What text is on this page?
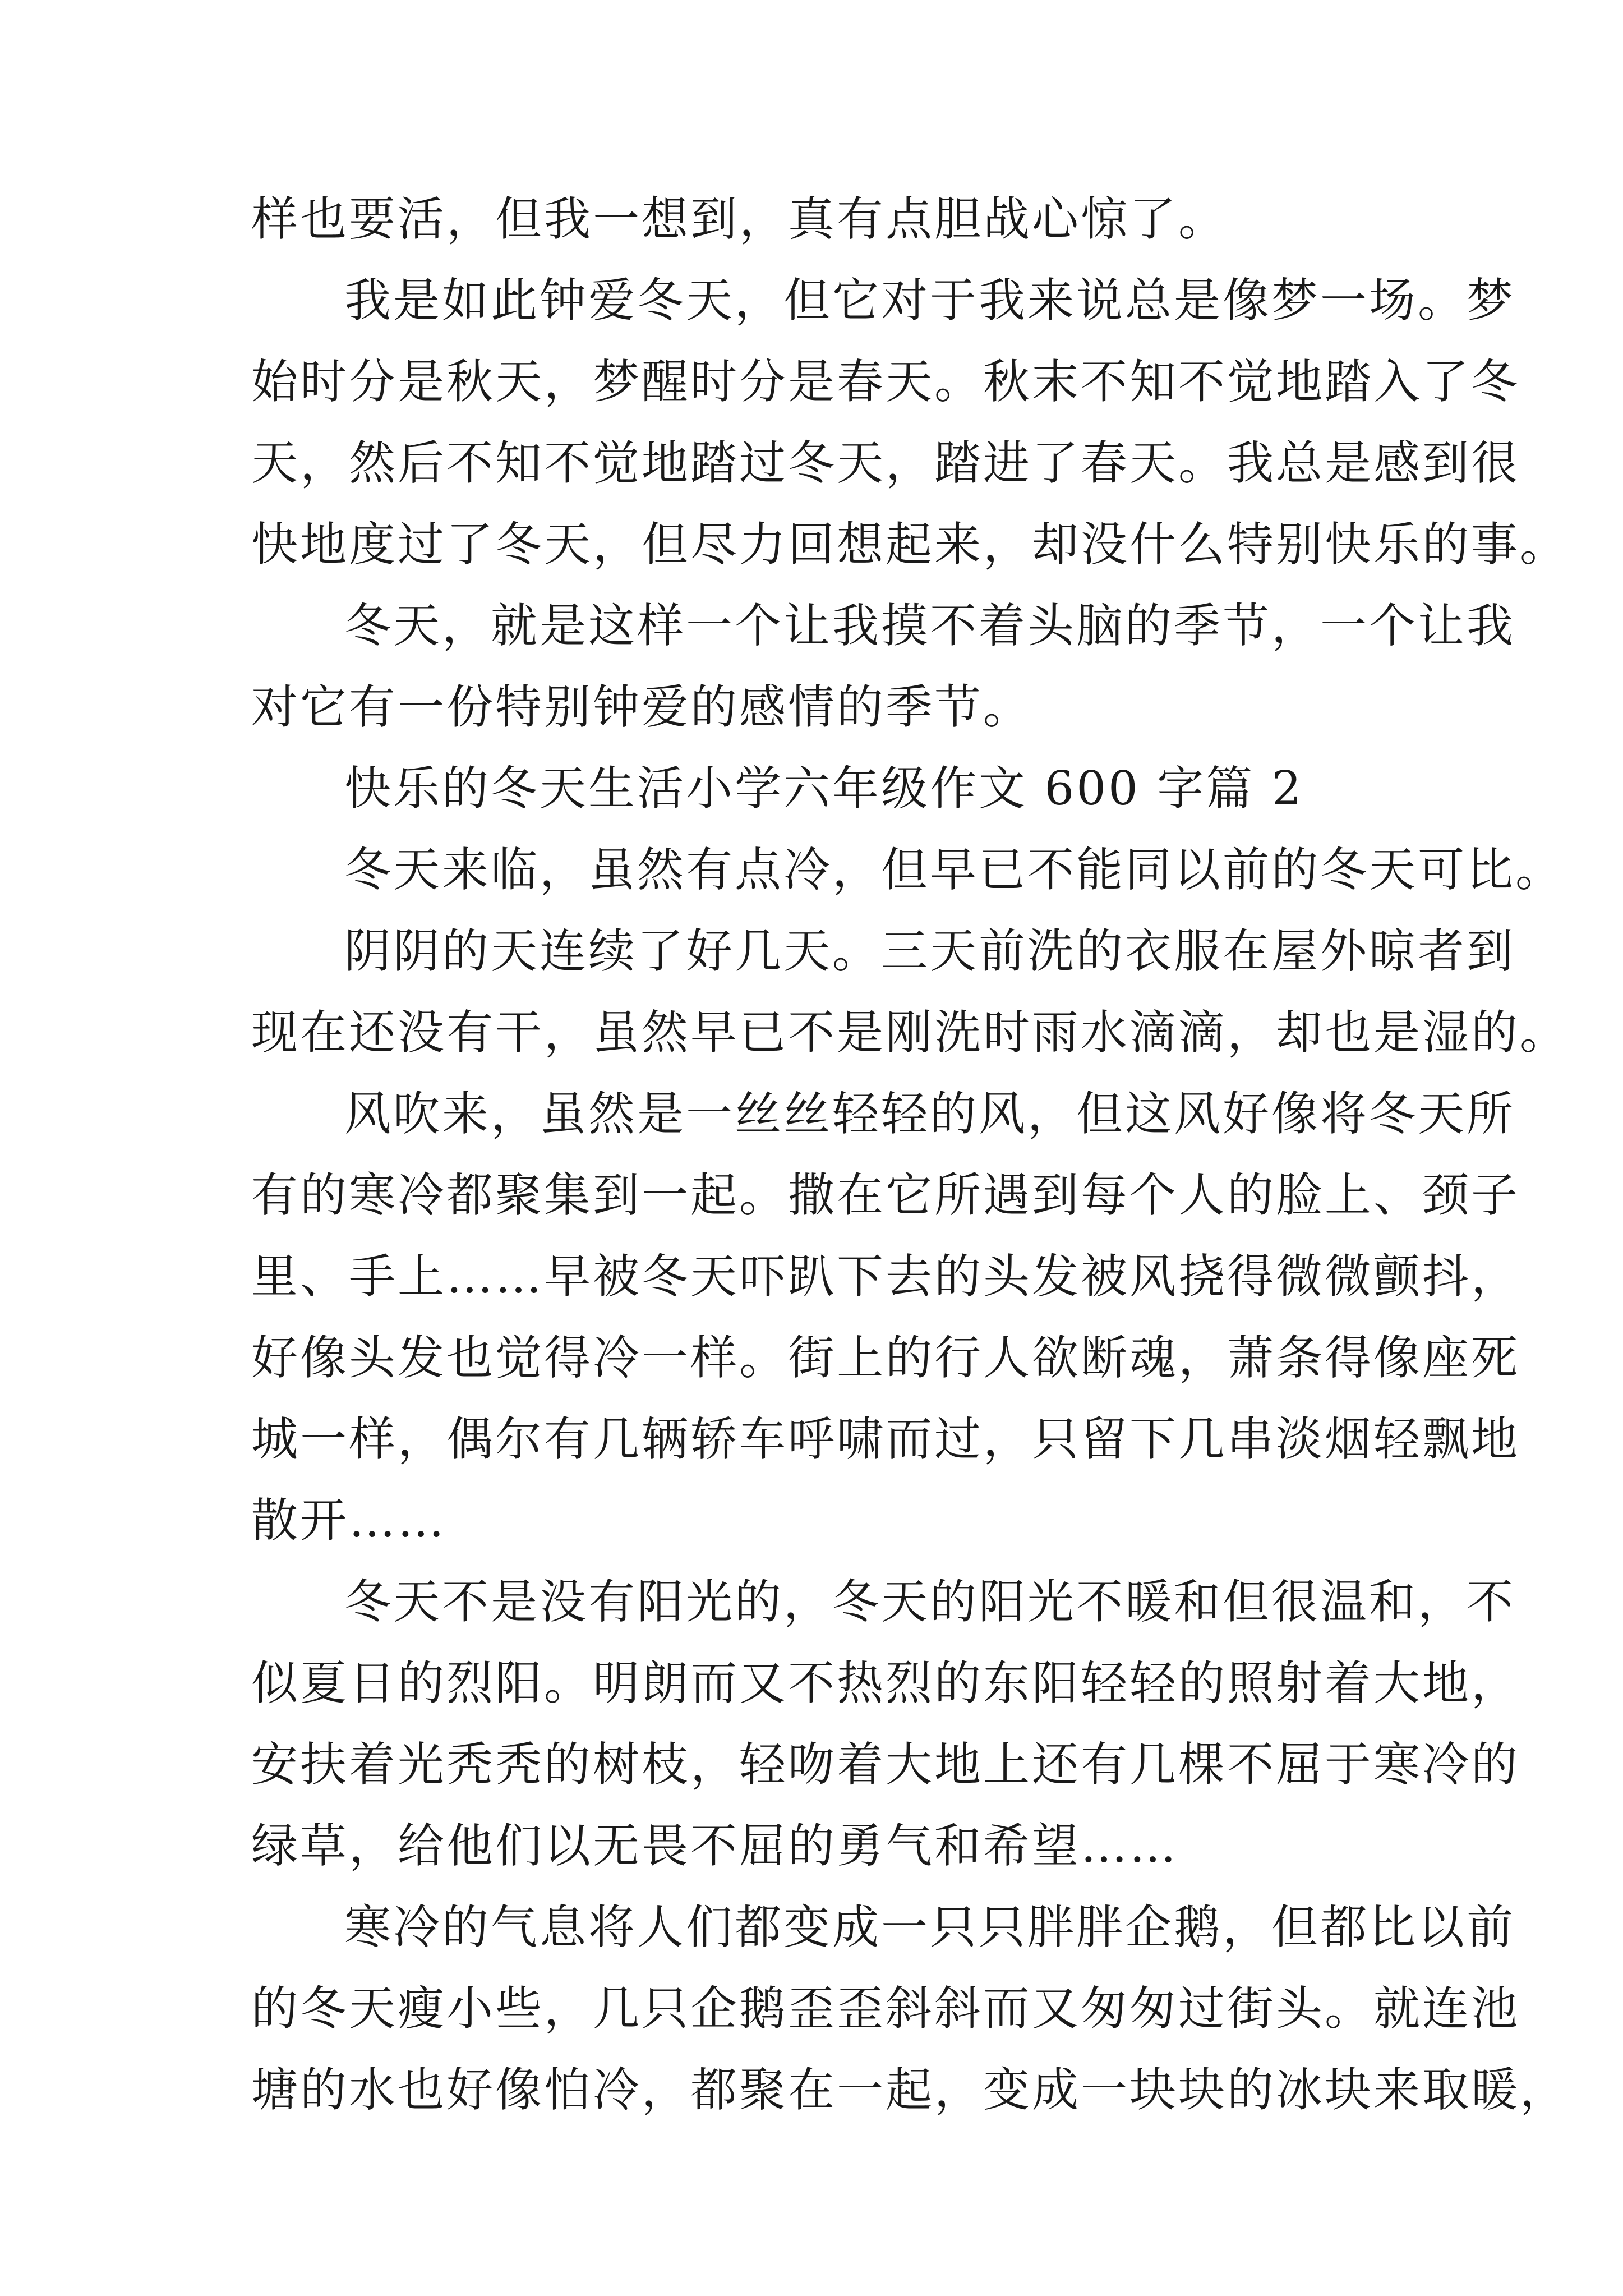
样也要活，但我一想到，真有点胆战心惊了。
我是如此钟爱冬天，但它对于我来说总是像梦一场。梦
始时分是秋天，梦醒时分是春天。秋末不知不觉地踏入了冬
天，然后不知不觉地踏过冬天，踏进了春天。我总是感到很
快地度过了冬天，但尽力回想起来，却没什么特别快乐的事。
冬天，就是这样一个让我摸不着头脑的季节，一个让我
对它有一份特别钟爱的感情的季节。
快乐的冬天生活小学六年级作文 600 字篇 2
冬天来临，虽然有点冷，但早已不能同以前的冬天可比。
阴阴的天连续了好几天。三天前洗的衣服在屋外晾者到
现在还没有干，虽然早已不是刚洗时雨水滴滴，却也是湿的。
风吹来，虽然是一丝丝轻轻的风，但这风好像将冬天所
有的寒冷都聚集到一起。撒在它所遇到每个人的脸上、颈子
里、手上……早被冬天吓趴下去的头发被风挠得微微颤抖，
好像头发也觉得冷一样。街上的行人欲断魂，萧条得像座死
城一样，偶尔有几辆轿车呼啸而过，只留下几串淡烟轻飘地
散开……
冬天不是没有阳光的，冬天的阳光不暖和但很温和，不
似夏日的烈阳。明朗而又不热烈的东阳轻轻的照射着大地，
安扶着光秃秃的树枝，轻吻着大地上还有几棵不屈于寒冷的
绿草，给他们以无畏不屈的勇气和希望……
寒冷的气息将人们都变成一只只胖胖企鹅，但都比以前
的冬天瘦小些，几只企鹅歪歪斜斜而又匆匆过街头。就连池
塘的水也好像怕冷，都聚在一起，变成一块块的冰块来取暖，
